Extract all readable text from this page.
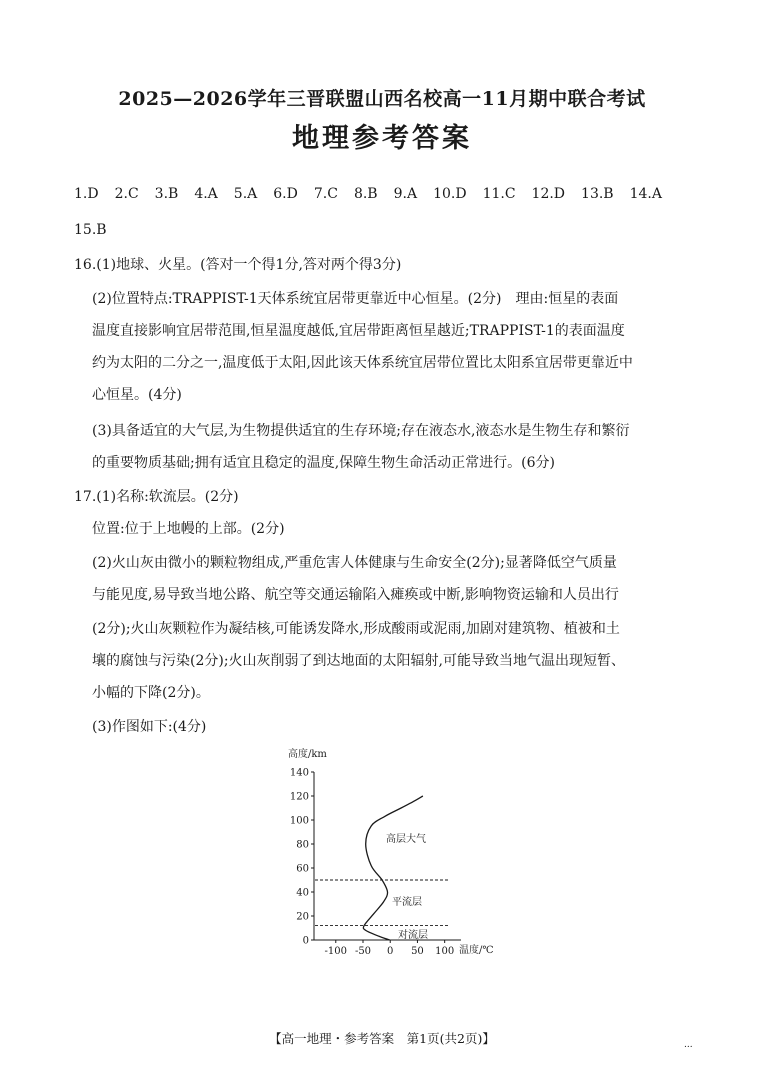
2025—2026学年三晋联盟山西名校高一11月期中联合考试
地理参考答案
1.D 2.C 3.B 4.A 5.A 6.D 7.C 8.B 9.A 10.D 11.C 12.D 13.B 14.A
15.B
16.(1)地球、火星。(答对一个得1分,答对两个得3分)
(2)位置特点:TRAPPIST-1天体系统宜居带更靠近中心恒星。(2分)　理由:恒星的表面
温度直接影响宜居带范围,恒星温度越低,宜居带距离恒星越近;TRAPPIST-1的表面温度
约为太阳的二分之一,温度低于太阳,因此该天体系统宜居带位置比太阳系宜居带更靠近中
心恒星。(4分)
(3)具备适宜的大气层,为生物提供适宜的生存环境;存在液态水,液态水是生物生存和繁衍
的重要物质基础;拥有适宜且稳定的温度,保障生物生命活动正常进行。(6分)
17.(1)名称:软流层。(2分)
位置:位于上地幔的上部。(2分)
(2)火山灰由微小的颗粒物组成,严重危害人体健康与生命安全(2分);显著降低空气质量
与能见度,易导致当地公路、航空等交通运输陷入瘫痪或中断,影响物资运输和人员出行
(2分);火山灰颗粒作为凝结核,可能诱发降水,形成酸雨或泥雨,加剧对建筑物、植被和土
壤的腐蚀与污染(2分);火山灰削弱了到达地面的太阳辐射,可能导致当地气温出现短暂、
小幅的下降(2分)。
(3)作图如下:(4分)
高度/km
温度/℃
高层大气
平流层
对流层
0
20
40
60
80
100
120
140
-100 -50 0 50 100
【高一地理・参考答案　第1页(共2页)】	...
